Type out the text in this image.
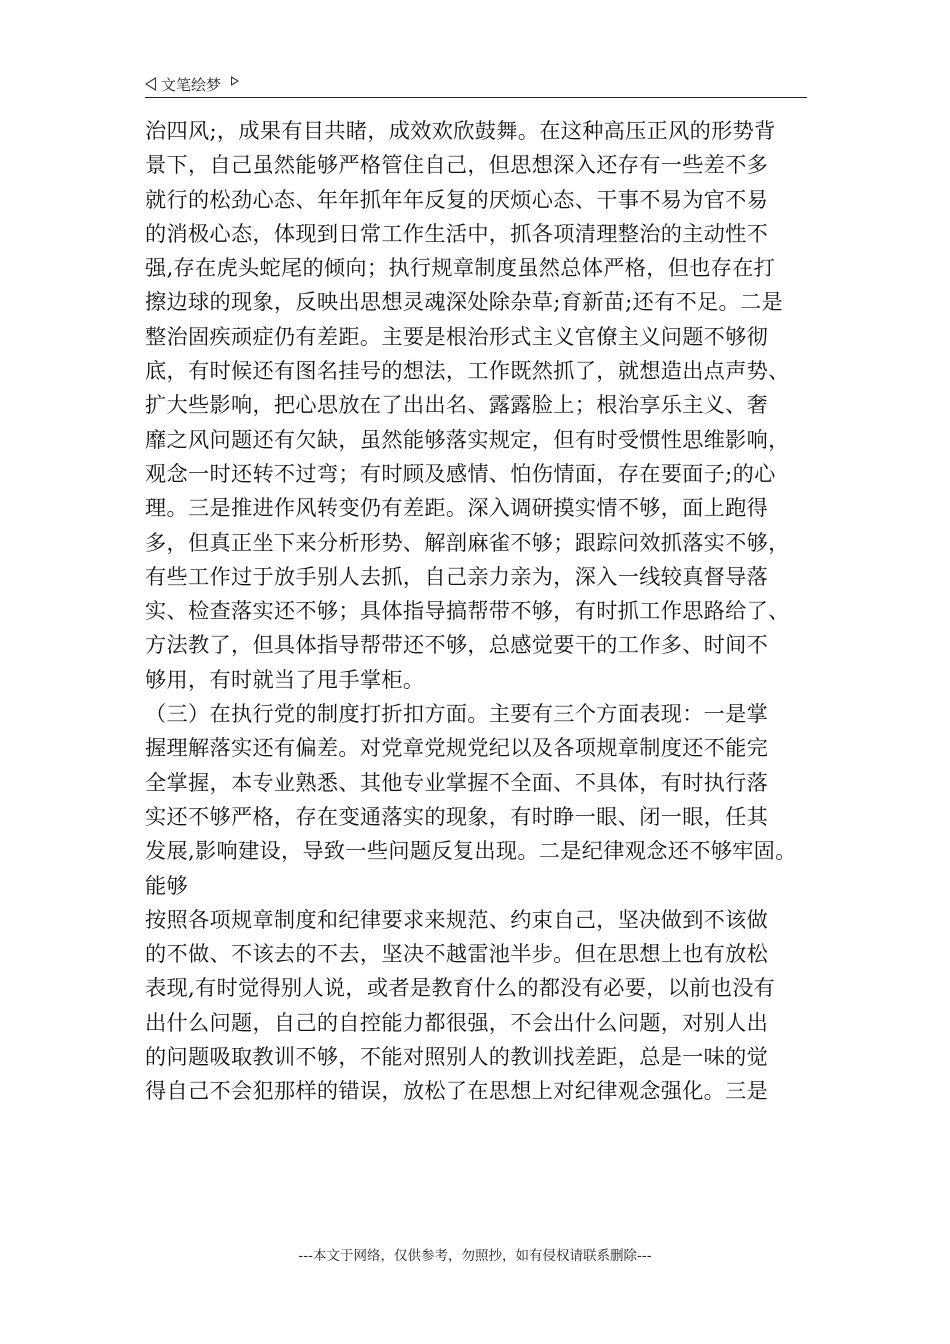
文笔绘梦
治四风;，成果有目共睹，成效欢欣鼓舞。在这种高压正风的形势背
景下，自己虽然能够严格管住自己，但思想深入还存有一些差不多
就行的松劲心态、年年抓年年反复的厌烦心态、干事不易为官不易
的消极心态，体现到日常工作生活中，抓各项清理整治的主动性不
强,存在虎头蛇尾的倾向；执行规章制度虽然总体严格，但也存在打
擦边球的现象，反映出思想灵魂深处除杂草;育新苗;还有不足。二是
整治固疾顽症仍有差距。主要是根治形式主义官僚主义问题不够彻
底，有时候还有图名挂号的想法，工作既然抓了，就想造出点声势、
扩大些影响，把心思放在了出出名、露露脸上；根治享乐主义、奢
靡之风问题还有欠缺，虽然能够落实规定，但有时受惯性思维影响，
观念一时还转不过弯；有时顾及感情、怕伤情面，存在要面子;的心
理。三是推进作风转变仍有差距。深入调研摸实情不够，面上跑得
多，但真正坐下来分析形势、解剖麻雀不够；跟踪问效抓落实不够，
有些工作过于放手别人去抓，自己亲力亲为，深入一线较真督导落
实、检查落实还不够；具体指导搞帮带不够，有时抓工作思路给了、
方法教了，但具体指导帮带还不够，总感觉要干的工作多、时间不
够用，有时就当了甩手掌柜。
（三）在执行党的制度打折扣方面。主要有三个方面表现：一是掌
握理解落实还有偏差。对党章党规党纪以及各项规章制度还不能完
全掌握，本专业熟悉、其他专业掌握不全面、不具体，有时执行落
实还不够严格，存在变通落实的现象，有时睁一眼、闭一眼，任其
发展,影响建设，导致一些问题反复出现。二是纪律观念还不够牢固。
能够
按照各项规章制度和纪律要求来规范、约束自己，坚决做到不该做
的不做、不该去的不去，坚决不越雷池半步。但在思想上也有放松
表现,有时觉得别人说，或者是教育什么的都没有必要，以前也没有
出什么问题，自己的自控能力都很强，不会出什么问题，对别人出
的问题吸取教训不够，不能对照别人的教训找差距，总是一味的觉
得自己不会犯那样的错误，放松了在思想上对纪律观念强化。三是
---本文于网络，仅供参考，勿照抄，如有侵权请联系删除---
